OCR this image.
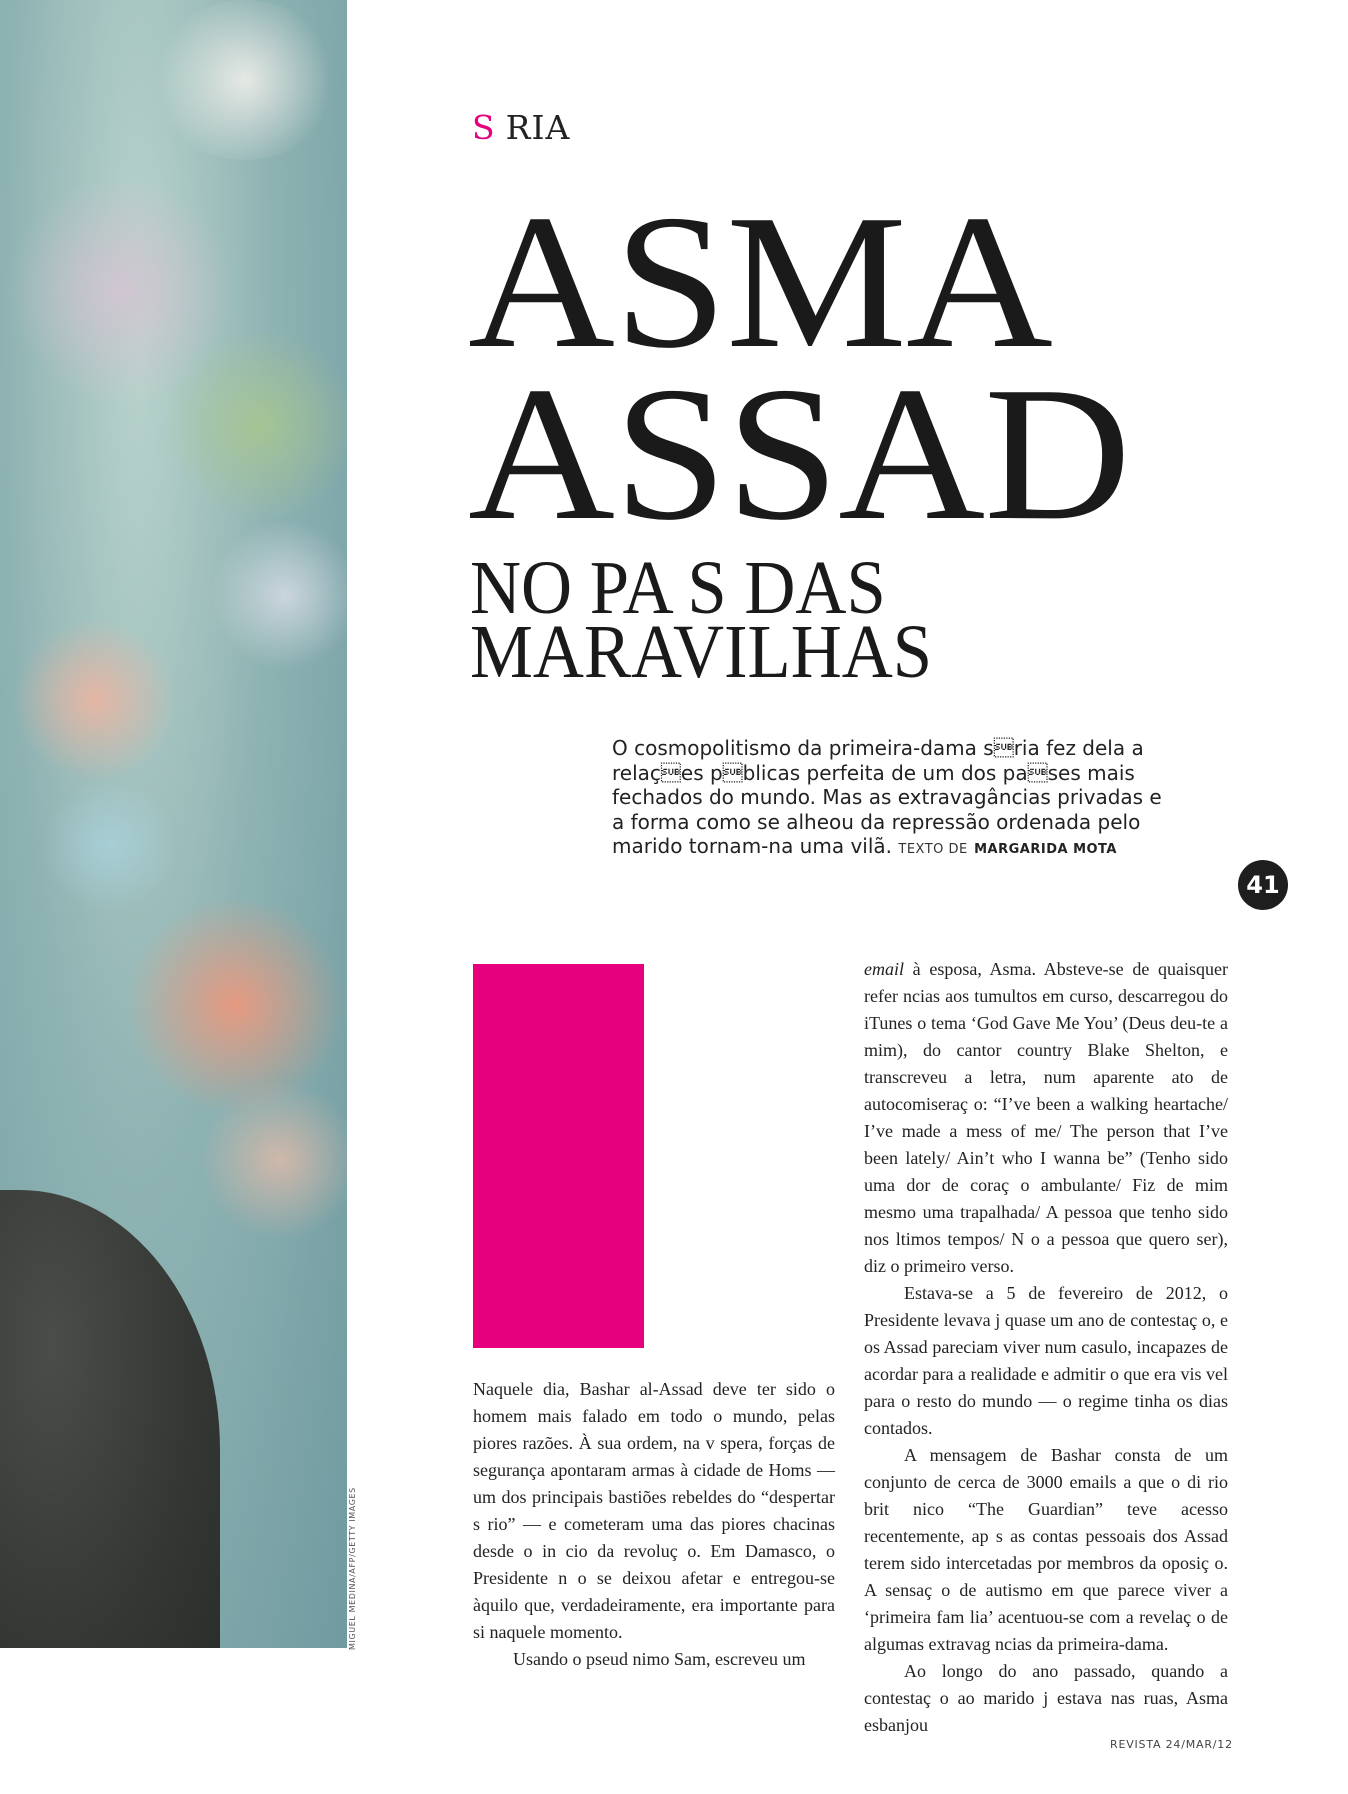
MIGUEL MEDINA/AFP/GETTY IMAGES
S RIA
ASMA
ASSAD
NO PA S DAS
MARAVILHAS
O cosmopolitismo da primeira-dama sria fez dela a relaçes pblicas perfeita de um dos pases mais fechados do mundo. Mas as extravagâncias privadas e a forma como se alheou da repressão ordenada pelo marido tornam-na uma vilã. TEXTO DE MARGARIDA MOTA
41

Naquele dia, Bashar al-Assad deve ter sido o homem mais falado em todo o mundo, pelas piores razões. À sua ordem, na v spera, forças de segurança apontaram armas à cidade de Homs — um dos principais bastiões rebeldes do “despertar s rio” — e cometeram uma das piores chacinas desde o in cio da revoluç o. Em Damasco, o Presidente n o se deixou afetar e entregou-se àquilo que, verdadeiramente, era importante para si naquele momento.

Usando o pseud nimo Sam, escreveu um

email à esposa, Asma. Absteve-se de quaisquer refer ncias aos tumultos em curso, descarregou do iTunes o tema ‘God Gave Me You’ (Deus deu-te a mim), do cantor country Blake Shelton, e transcreveu a letra, num aparente ato de autocomiseraç o: “I’ve been a walking heartache/ I’ve made a mess of me/ The person that I’ve been lately/ Ain’t who I wanna be” (Tenho sido uma dor de coraç o ambulante/ Fiz de mim mesmo uma trapalhada/ A pessoa que tenho sido nos ltimos tempos/ N o a pessoa que quero ser), diz o primeiro verso.

Estava-se a 5 de fevereiro de 2012, o Presidente levava j quase um ano de contestaç o, e os Assad pareciam viver num casulo, incapazes de acordar para a realidade e admitir o que era vis vel para o resto do mundo — o regime tinha os dias contados.

A mensagem de Bashar consta de um conjunto de cerca de 3000 emails a que o di rio brit nico “The Guardian” teve acesso recentemente, ap s as contas pessoais dos Assad terem sido intercetadas por membros da oposiç o. A sensaç o de autismo em que parece viver a ‘primeira fam lia’ acentuou-se com a revelaç o de algumas extravag ncias da primeira-dama.

Ao longo do ano passado, quando a contestaç o ao marido j estava nas ruas, Asma esbanjou

REVISTA 24/MAR/12
